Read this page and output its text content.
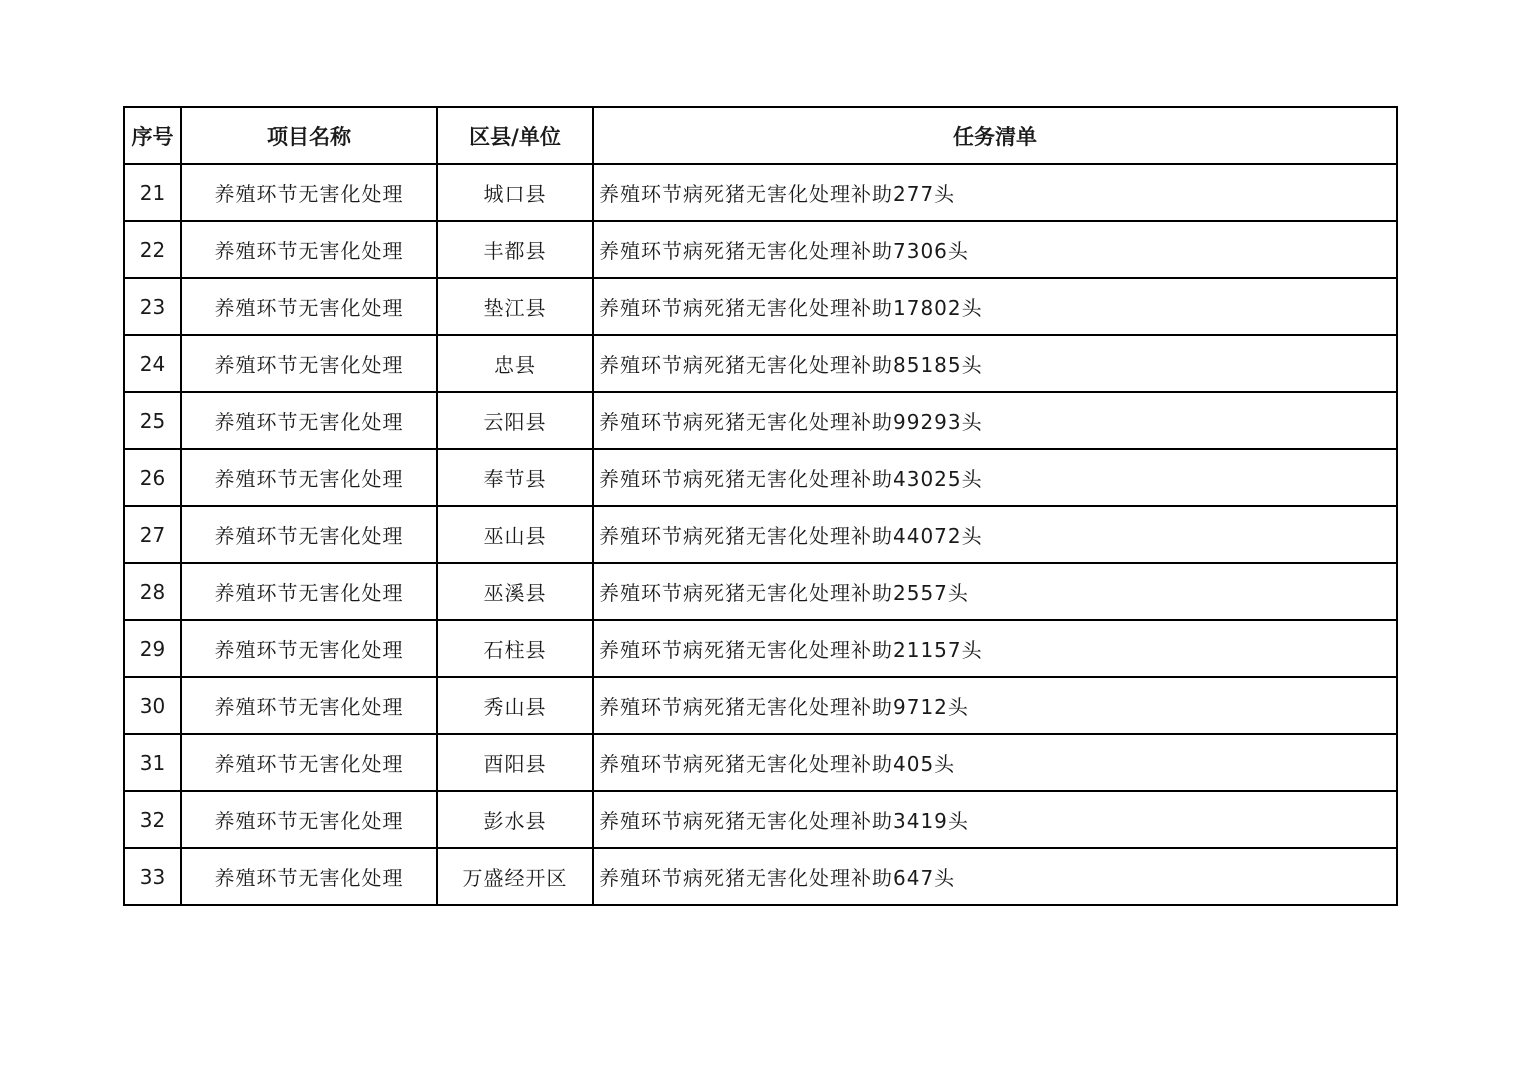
序号	项目名称	区县/单位	任务清单
21	养殖环节无害化处理	城口县	养殖环节病死猪无害化处理补助277头
22	养殖环节无害化处理	丰都县	养殖环节病死猪无害化处理补助7306头
23	养殖环节无害化处理	垫江县	养殖环节病死猪无害化处理补助17802头
24	养殖环节无害化处理	忠县	养殖环节病死猪无害化处理补助85185头
25	养殖环节无害化处理	云阳县	养殖环节病死猪无害化处理补助99293头
26	养殖环节无害化处理	奉节县	养殖环节病死猪无害化处理补助43025头
27	养殖环节无害化处理	巫山县	养殖环节病死猪无害化处理补助44072头
28	养殖环节无害化处理	巫溪县	养殖环节病死猪无害化处理补助2557头
29	养殖环节无害化处理	石柱县	养殖环节病死猪无害化处理补助21157头
30	养殖环节无害化处理	秀山县	养殖环节病死猪无害化处理补助9712头
31	养殖环节无害化处理	酉阳县	养殖环节病死猪无害化处理补助405头
32	养殖环节无害化处理	彭水县	养殖环节病死猪无害化处理补助3419头
33	养殖环节无害化处理	万盛经开区	养殖环节病死猪无害化处理补助647头
